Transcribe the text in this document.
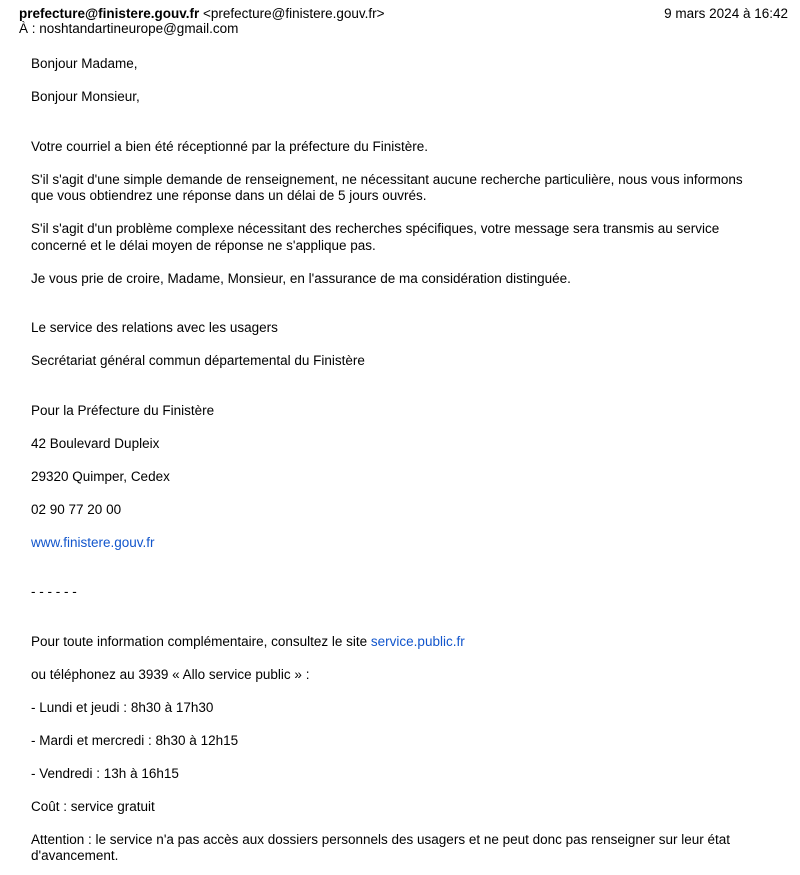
prefecture@finistere.gouv.fr <prefecture@finistere.gouv.fr>	9 mars 2024 à 16:42
À : noshtandartineurope@gmail.com

Bonjour Madame,

Bonjour Monsieur,

Votre courriel a bien été réceptionné par la préfecture du Finistère.

S'il s'agit d'une simple demande de renseignement, ne nécessitant aucune recherche particulière, nous vous informons que vous obtiendrez une réponse dans un délai de 5 jours ouvrés.

S'il s'agit d'un problème complexe nécessitant des recherches spécifiques, votre message sera transmis au service concerné et le délai moyen de réponse ne s'applique pas.

Je vous prie de croire, Madame, Monsieur, en l'assurance de ma considération distinguée.

Le service des relations avec les usagers

Secrétariat général commun départemental du Finistère

Pour la Préfecture du Finistère

42 Boulevard Dupleix

29320 Quimper, Cedex

02 90 77 20 00

www.finistere.gouv.fr

- - - - - -

Pour toute information complémentaire, consultez le site service.public.fr

ou téléphonez au 3939 « Allo service public » :

- Lundi et jeudi : 8h30 à 17h30

- Mardi et mercredi : 8h30 à 12h15

- Vendredi : 13h à 16h15

Coût : service gratuit

Attention : le service n'a pas accès aux dossiers personnels des usagers et ne peut donc pas renseigner sur leur état d'avancement.
